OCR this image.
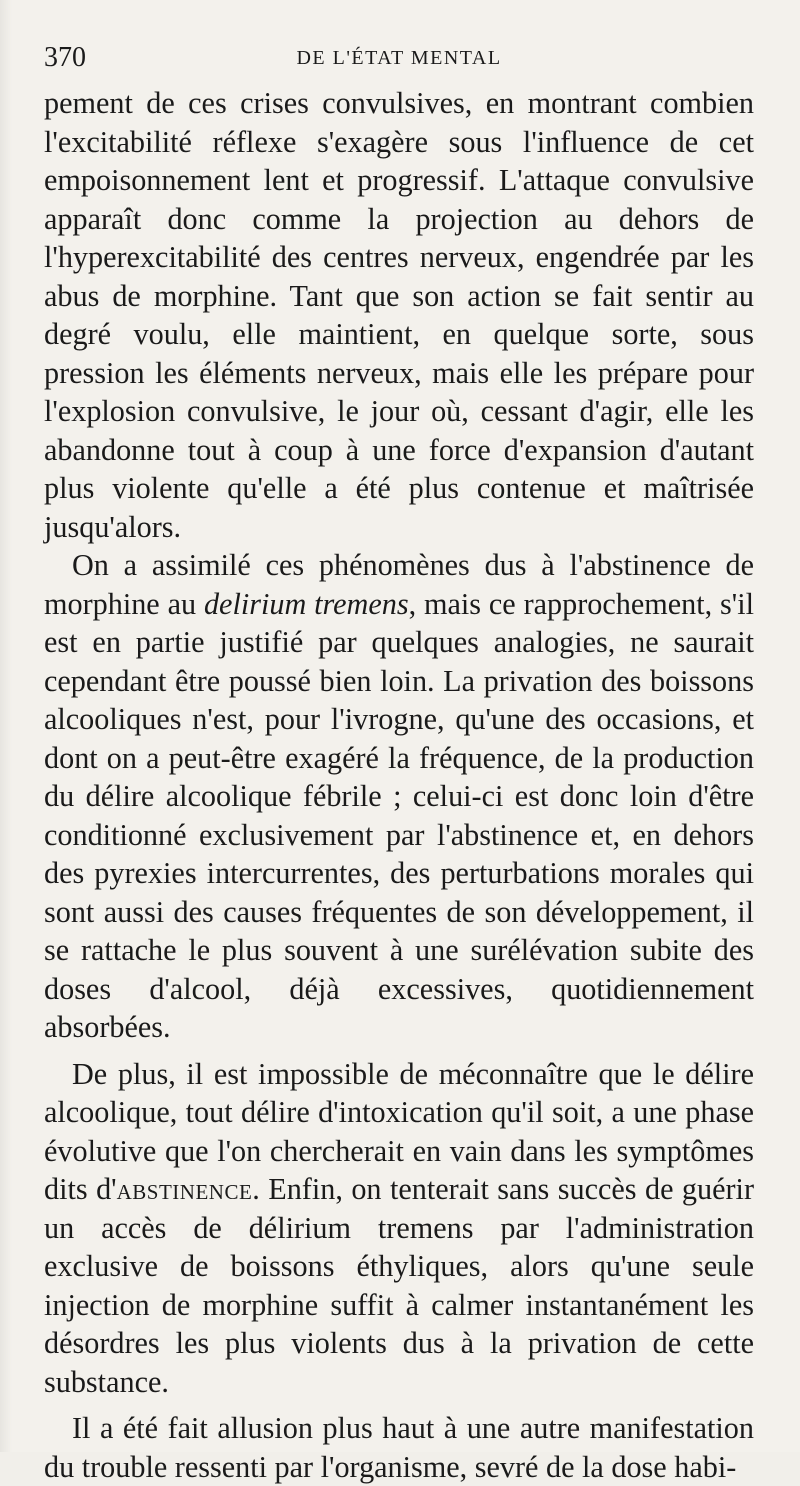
370	DE L'ÉTAT MENTAL

pement de ces crises convulsives, en montrant combien l'excitabilité réflexe s'exagère sous l'influence de cet empoisonnement lent et progressif. L'attaque convulsive apparaît donc comme la projection au dehors de l'hyperexcitabilité des centres nerveux, engendrée par les abus de morphine. Tant que son action se fait sentir au degré voulu, elle maintient, en quelque sorte, sous pression les éléments nerveux, mais elle les prépare pour l'explosion convulsive, le jour où, cessant d'agir, elle les abandonne tout à coup à une force d'expansion d'autant plus violente qu'elle a été plus contenue et maîtrisée jusqu'alors.

On a assimilé ces phénomènes dus à l'abstinence de morphine au delirium tremens, mais ce rapprochement, s'il est en partie justifié par quelques analogies, ne saurait cependant être poussé bien loin. La privation des boissons alcooliques n'est, pour l'ivrogne, qu'une des occasions, et dont on a peut-être exagéré la fréquence, de la production du délire alcoolique fébrile ; celui-ci est donc loin d'être conditionné exclusivement par l'abstinence et, en dehors des pyrexies intercurrentes, des perturbations morales qui sont aussi des causes fréquentes de son développement, il se rattache le plus souvent à une surélévation subite des doses d'alcool, déjà excessives, quotidiennement absorbées.

De plus, il est impossible de méconnaître que le délire alcoolique, tout délire d'intoxication qu'il soit, a une phase évolutive que l'on chercherait en vain dans les symptômes dits d'abstinence. Enfin, on tenterait sans succès de guérir un accès de délirium tremens par l'administration exclusive de boissons éthyliques, alors qu'une seule injection de morphine suffit à calmer instantanément les désordres les plus violents dus à la privation de cette substance.

Il a été fait allusion plus haut à une autre manifestation du trouble ressenti par l'organisme, sevré de la dose habi-
